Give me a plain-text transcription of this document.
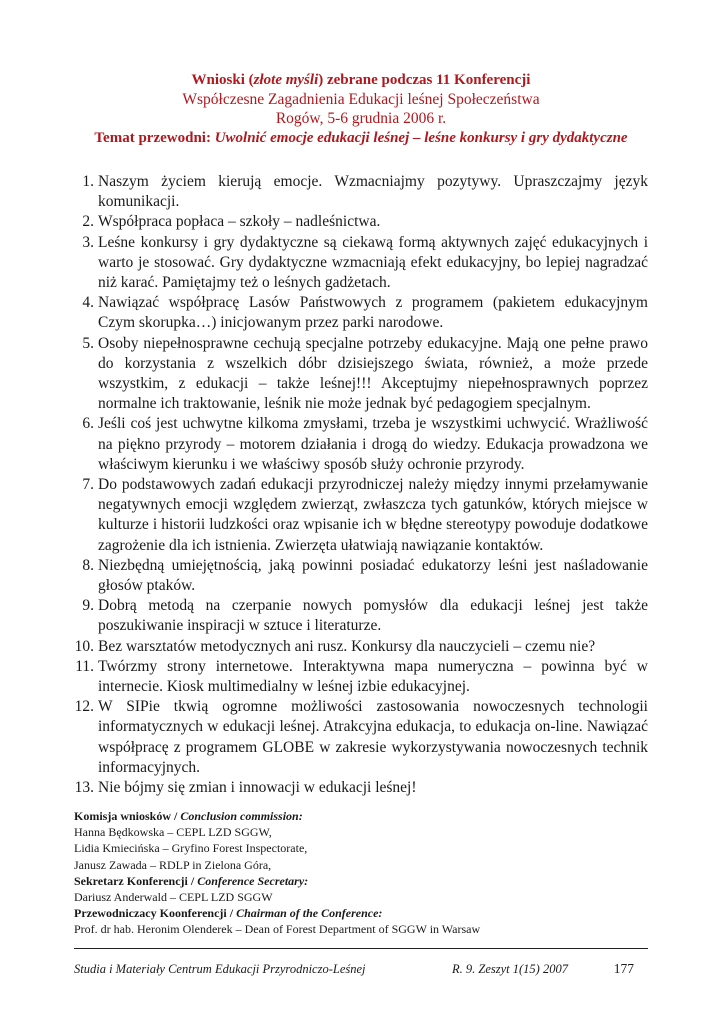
Wnioski (złote myśli) zebrane podczas 11 Konferencji
Współczesne Zagadnienia Edukacji leśnej Społeczeństwa
Rogów, 5-6 grudnia 2006 r.
Temat przewodni: Uwolnić emocje edukacji leśnej – leśne konkursy i gry dydaktyczne
1. Naszym życiem kierują emocje. Wzmacniajmy pozytywy. Upraszczajmy język komunikacji.
2. Współpraca popłaca – szkoły – nadleśnictwa.
3. Leśne konkursy i gry dydaktyczne są ciekawą formą aktywnych zajęć edukacyjnych i warto je stosować. Gry dydaktyczne wzmacniają efekt edukacyjny, bo lepiej nagradzać niż karać. Pamiętajmy też o leśnych gadżetach.
4. Nawiązać współpracę Lasów Państwowych z programem (pakietem edukacyjnym Czym skorupka…) inicjowanym przez parki narodowe.
5. Osoby niepełnosprawne cechują specjalne potrzeby edukacyjne. Mają one pełne prawo do korzystania z wszelkich dóbr dzisiejszego świata, również, a może przede wszystkim, z edukacji – także leśnej!!! Akceptujmy niepełnosprawnych poprzez normalne ich traktowanie, leśnik nie może jednak być pedagogiem specjalnym.
6. Jeśli coś jest uchwytne kilkoma zmysłami, trzeba je wszystkimi uchwycić. Wrażliwość na piękno przyrody – motorem działania i drogą do wiedzy. Edukacja prowadzona we właściwym kierunku i we właściwy sposób służy ochronie przyrody.
7. Do podstawowych zadań edukacji przyrodniczej należy między innymi przełamywanie negatywnych emocji względem zwierząt, zwłaszcza tych gatunków, których miejsce w kulturze i historii ludzkości oraz wpisanie ich w błędne stereotypy powoduje dodatkowe zagrożenie dla ich istnienia. Zwierzęta ułatwiają nawiązanie kontaktów.
8. Niezbędną umiejętnością, jaką powinni posiadać edukatorzy leśni jest naśladowanie głosów ptaków.
9. Dobrą metodą na czerpanie nowych pomysłów dla edukacji leśnej jest także poszukiwanie inspiracji w sztuce i literaturze.
10. Bez warsztatów metodycznych ani rusz. Konkursy dla nauczycieli – czemu nie?
11. Twórzmy strony internetowe. Interaktywna mapa numeryczna – powinna być w internecie. Kiosk multimedialny w leśnej izbie edukacyjnej.
12. W SIPie tkwią ogromne możliwości zastosowania nowoczesnych technologii informatycznych w edukacji leśnej. Atrakcyjna edukacja, to edukacja on-line. Nawiązać współpracę z programem GLOBE w zakresie wykorzystywania nowoczesnych technik informacyjnych.
13. Nie bójmy się zmian i innowacji w edukacji leśnej!
Komisja wniosków / Conclusion commission:
Hanna Będkowska – CEPL LZD SGGW,
Lidia Kmiecińska – Gryfino Forest Inspectorate,
Janusz Zawada – RDLP in Zielona Góra,
Sekretarz Konferencji / Conference Secretary:
Dariusz Anderwald – CEPL LZD SGGW
Przewodniczacy Koonferencji / Chairman of the Conference:
Prof. dr hab. Heronim Olenderek – Dean of Forest Department of SGGW in Warsaw
Studia i Materiały Centrum Edukacji Przyrodniczo-Leśnej	R. 9. Zeszyt 1(15) 2007	177
